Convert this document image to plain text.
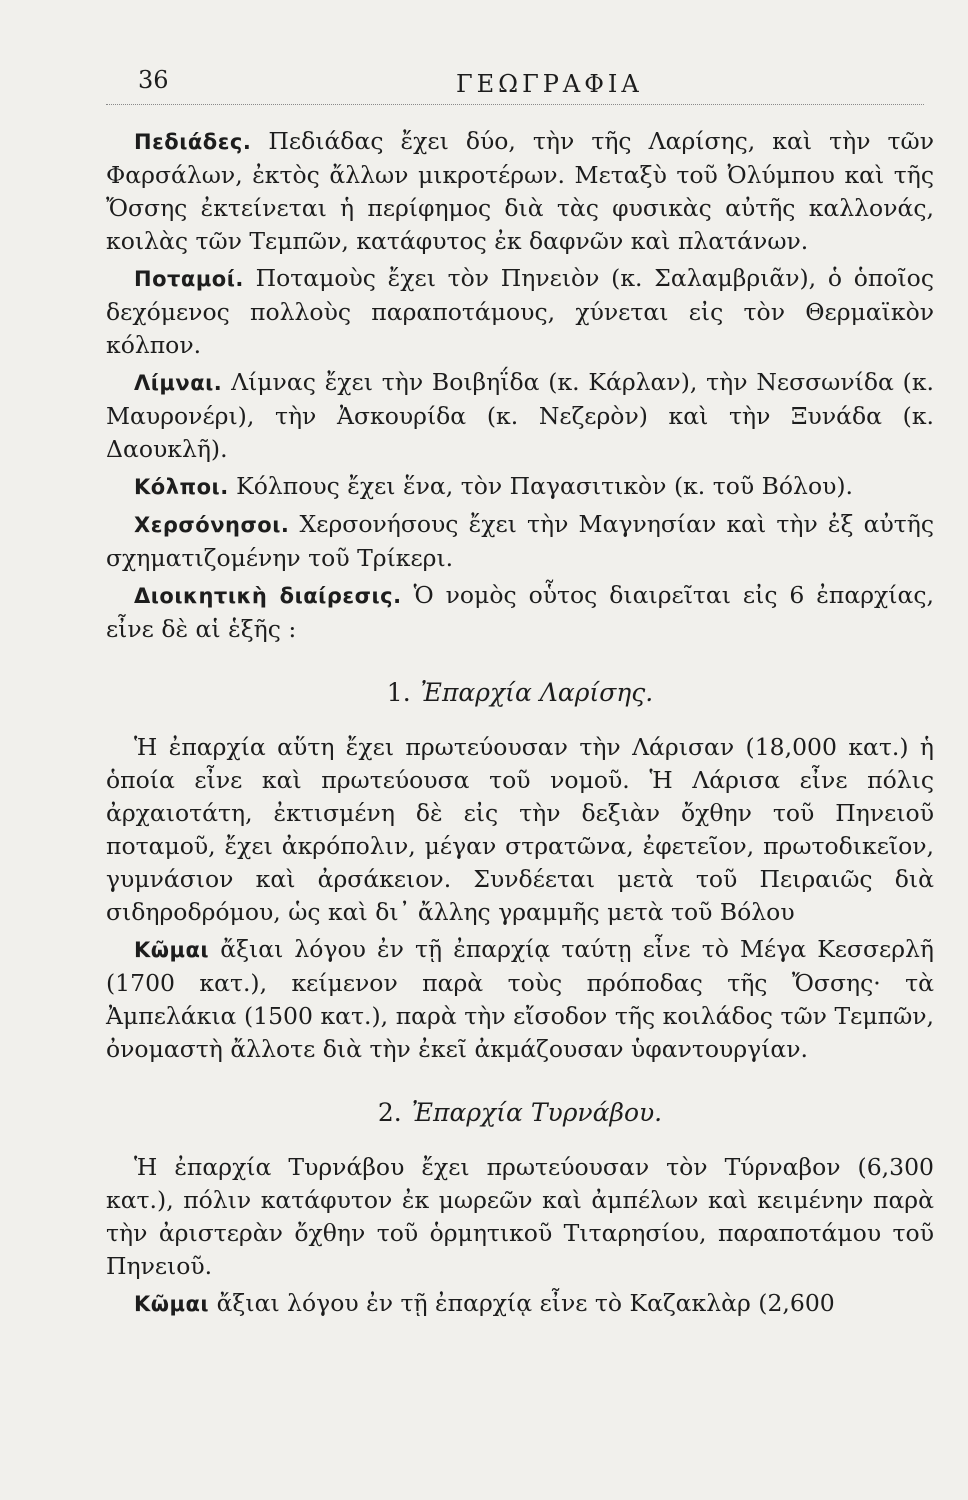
36	ΓΕΩΓΡΑΦΙΑ

Πεδιάδες. Πεδιάδας ἔχει δύο, τὴν τῆς Λαρίσης, καὶ τὴν τῶν Φαρσάλων, ἐκτὸς ἄλλων μικροτέρων. Μεταξὺ τοῦ Ὀλύμπου καὶ τῆς Ὄσσης ἐκτείνεται ἡ περίφημος διὰ τὰς φυσικὰς αὐτῆς καλλονάς, κοιλὰς τῶν Τεμπῶν, κατάφυτος ἐκ δαφνῶν καὶ πλατάνων.

Ποταμοί. Ποταμοὺς ἔχει τὸν Πηνειὸν (κ. Σαλαμβριᾶν), ὁ ὁποῖος δεχόμενος πολλοὺς παραποτάμους, χύνεται εἰς τὸν Θερμαϊκὸν κόλπον.

Λίμναι. Λίμνας ἔχει τὴν Βοιβηΐδα (κ. Κάρλαν), τὴν Νεσσωνίδα (κ. Μαυρονέρι), τὴν Ἀσκουρίδα (κ. Νεζερὸν) καὶ τὴν Ξυνάδα (κ. Δαουκλῆ).

Κόλποι. Κόλπους ἔχει ἕνα, τὸν Παγασιτικὸν (κ. τοῦ Βόλου).

Χερσόνησοι. Χερσονήσους ἔχει τὴν Μαγνησίαν καὶ τὴν ἐξ αὐτῆς σχηματιζομένην τοῦ Τρίκερι.

Διοικητικὴ διαίρεσις. Ὁ νομὸς οὗτος διαιρεῖται εἰς 6 ἐπαρχίας, εἶνε δὲ αἱ ἑξῆς :

1. Ἐπαρχία Λαρίσης.

Ἡ ἐπαρχία αὕτη ἔχει πρωτεύουσαν τὴν Λάρισαν (18,000 κατ.) ἡ ὁποία εἶνε καὶ πρωτεύουσα τοῦ νομοῦ. Ἡ Λάρισα εἶνε πόλις ἀρχαιοτάτη, ἐκτισμένη δὲ εἰς τὴν δεξιὰν ὄχθην τοῦ Πηνειοῦ ποταμοῦ, ἔχει ἀκρόπολιν, μέγαν στρατῶνα, ἐφετεῖον, πρωτοδικεῖον, γυμνάσιον καὶ ἀρσάκειον. Συνδέεται μετὰ τοῦ Πειραιῶς διὰ σιδηροδρόμου, ὡς καὶ δι᾽ ἄλλης γραμμῆς μετὰ τοῦ Βόλου

Κῶμαι ἄξιαι λόγου ἐν τῇ ἐπαρχίᾳ ταύτῃ εἶνε τὸ Μέγα Κεσσερλῆ (1700 κατ.), κείμενον παρὰ τοὺς πρόποδας τῆς Ὄσσης· τὰ Ἀμπελάκια (1500 κατ.), παρὰ τὴν εἴσοδον τῆς κοιλάδος τῶν Τεμπῶν, ὀνομαστὴ ἄλλοτε διὰ τὴν ἐκεῖ ἀκμάζουσαν ὑφαντουργίαν.

2. Ἐπαρχία Τυρνάβου.

Ἡ ἐπαρχία Τυρνάβου ἔχει πρωτεύουσαν τὸν Τύρναβον (6,300 κατ.), πόλιν κατάφυτον ἐκ μωρεῶν καὶ ἀμπέλων καὶ κειμένην παρὰ τὴν ἀριστερὰν ὄχθην τοῦ ὁρμητικοῦ Τιταρησίου, παραποτάμου τοῦ Πηνειοῦ.

Κῶμαι ἄξιαι λόγου ἐν τῇ ἐπαρχίᾳ εἶνε τὸ Καζακλὰρ (2,600
